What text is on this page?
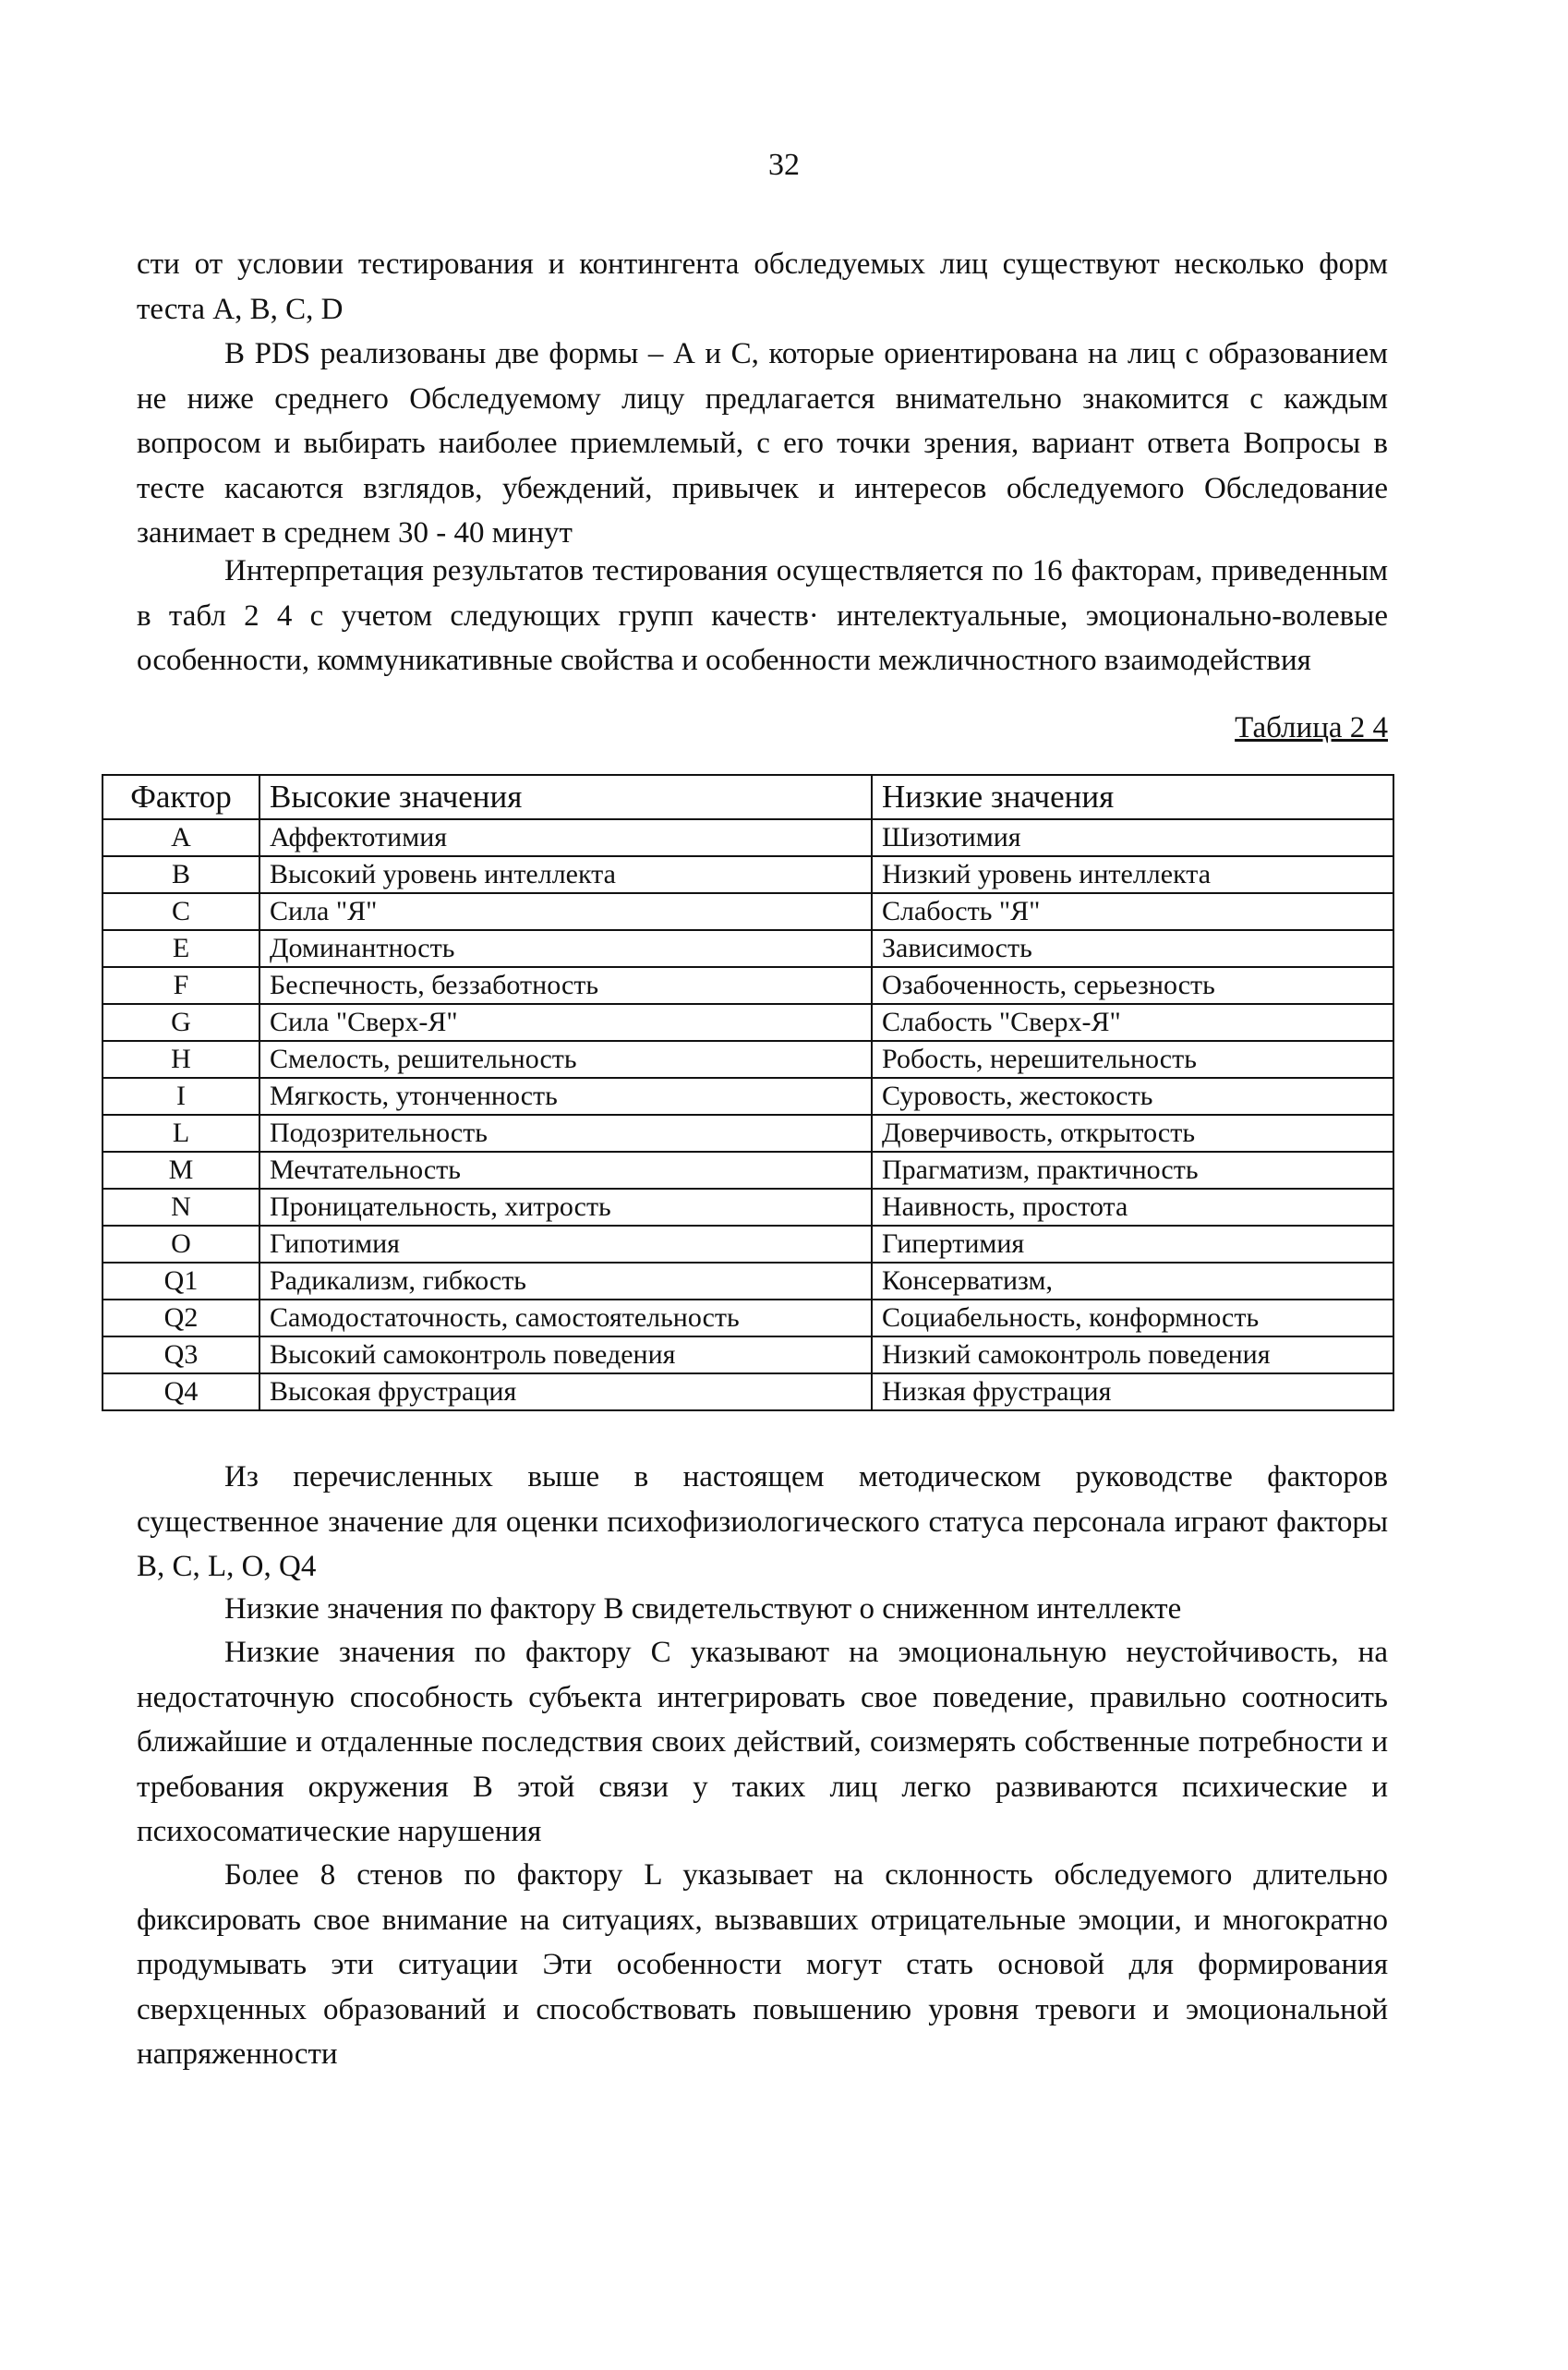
32

сти от условии тестирования и контингента обследуемых лиц существуют несколько форм теста A, B, C, D

В PDS реализованы две формы – А и С, которые ориентирована на лиц с образованием не ниже среднего Обследуемому лицу предлагается внимательно знакомится с каждым вопросом и выбирать наиболее приемлемый, с его точки зрения, вариант ответа Вопросы в тесте касаются взглядов, убеждений, привычек и интересов обследуемого Обследование занимает в среднем 30 - 40 минут

Интерпретация результатов тестирования осуществляется по 16 факторам, приведенным в табл 2 4 с учетом следующих групп качеств· интелектуальные, эмоционально-волевые особенности, коммуникативные свойства и особенности межличностного взаимодействия

Таблица 2 4
Фактор	Высокие значения	Низкие значения
A	Аффектотимия	Шизотимия
B	Высокий уровень интеллекта	Низкий уровень интеллекта
C	Сила "Я"	Слабость "Я"
E	Доминантность	Зависимость
F	Беспечность, беззаботность	Озабоченность, серьезность
G	Сила "Сверх-Я"	Слабость "Сверх-Я"
H	Смелость, решительность	Робость, нерешительность
I	Мягкость, утонченность	Суровость, жестокость
L	Подозрительность	Доверчивость, открытость
M	Мечтательность	Прагматизм, практичность
N	Проницательность, хитрость	Наивность, простота
O	Гипотимия	Гипертимия
Q1	Радикализм, гибкость	Консерватизм,
Q2	Самодостаточность, самостоятельность	Социабельность, конформность
Q3	Высокий самоконтроль поведения	Низкий самоконтроль поведения
Q4	Высокая фрустрация	Низкая фрустрация

Из перечисленных выше в настоящем методическом руководстве факторов существенное значение для оценки психофизиологического статуса персонала играют факторы B, C, L, O, Q4

Низкие значения по фактору B свидетельствуют о сниженном интеллекте

Низкие значения по фактору C указывают на эмоциональную неустойчивость, на недостаточную способность субъекта интегрировать свое поведение, правильно соотносить ближайшие и отдаленные последствия своих действий, соизмерять собственные потребности и требования окружения В этой связи у таких лиц легко развиваются психические и психосоматические нарушения

Более 8 стенов по фактору L указывает на склонность обследуемого длительно фиксировать свое внимание на ситуациях, вызвавших отрицательные эмоции, и многократно продумывать эти ситуации Эти особенности могут стать основой для формирования сверхценных образований и способствовать повышению уровня тревоги и эмоциональной напряженности
